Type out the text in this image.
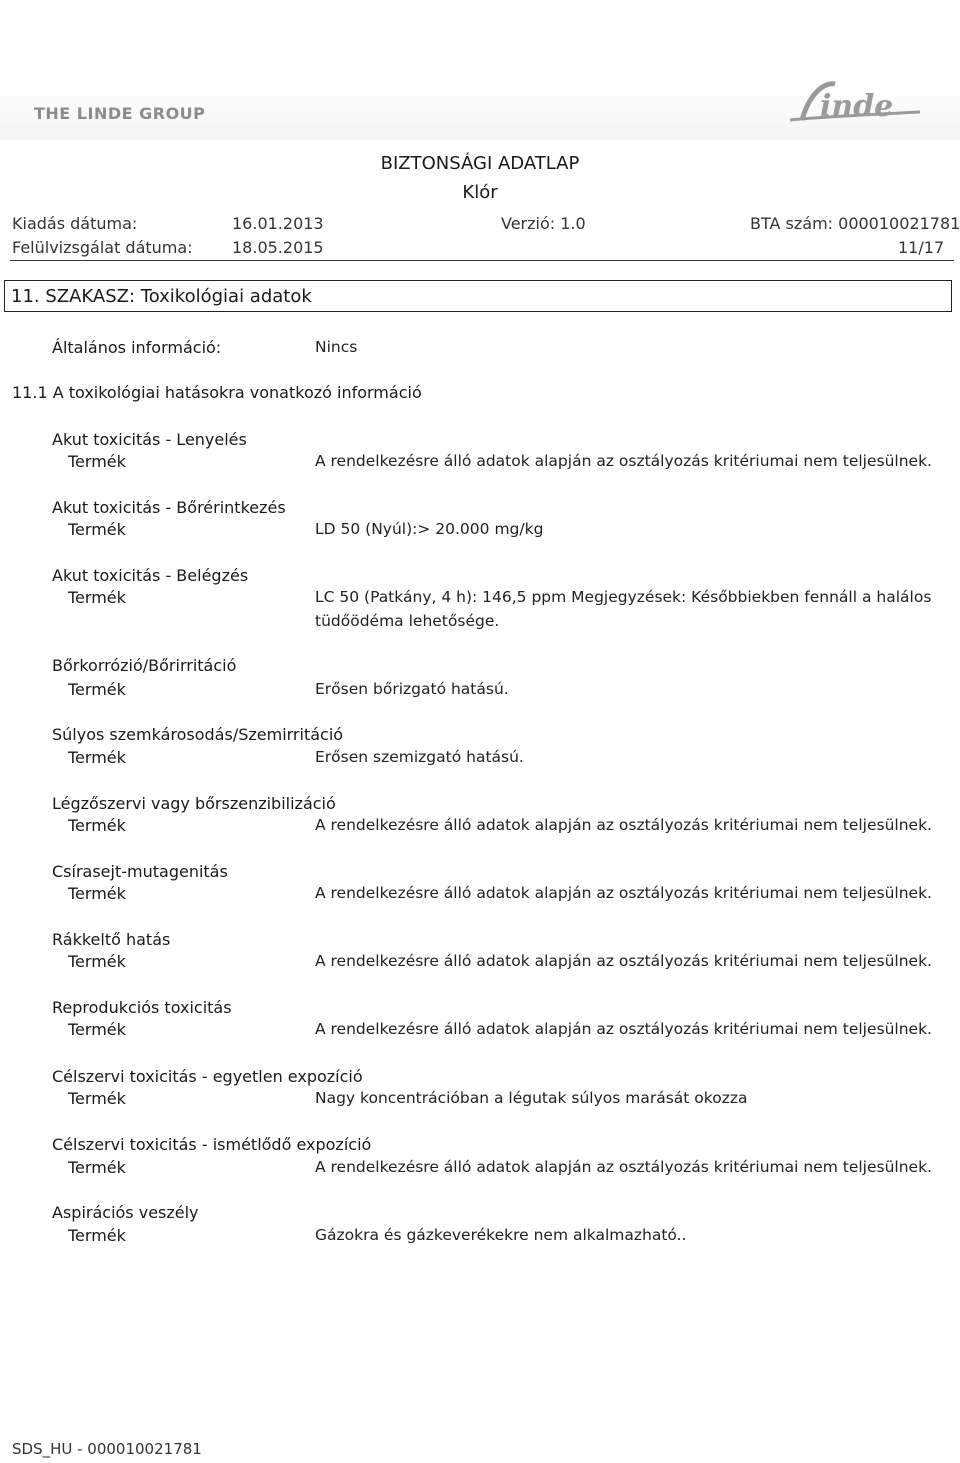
THE LINDE GROUP	inde
BIZTONSÁGI ADATLAP
Klór
Kiadás dátuma:	16.01.2013	Verzió: 1.0	BTA szám: 000010021781
Felülvizsgálat dátuma: 18.05.2015	11/17
11. SZAKASZ: Toxikológiai adatok
Általános információ:	Nincs
11.1 A toxikológiai hatásokra vonatkozó információ
Akut toxicitás - Lenyelés
Termék	A rendelkezésre álló adatok alapján az osztályozás kritériumai nem teljesülnek.
Akut toxicitás - Bőrérintkezés
Termék	LD 50 (Nyúl):> 20.000 mg/kg
Akut toxicitás - Belégzés
Termék	LC 50 (Patkány, 4 h): 146,5 ppm Megjegyzések: Későbbiekben fennáll a halálos
tüdőödéma lehetősége.
Bőrkorrózió/Bőrirritáció
Termék	Erősen bőrizgató hatású.
Súlyos szemkárosodás/Szemirritáció
Termék	Erősen szemizgató hatású.
Légzőszervi vagy bőrszenzibilizáció
Termék	A rendelkezésre álló adatok alapján az osztályozás kritériumai nem teljesülnek.
Csírasejt-mutagenitás
Termék	A rendelkezésre álló adatok alapján az osztályozás kritériumai nem teljesülnek.
Rákkeltő hatás
Termék	A rendelkezésre álló adatok alapján az osztályozás kritériumai nem teljesülnek.
Reprodukciós toxicitás
Termék	A rendelkezésre álló adatok alapján az osztályozás kritériumai nem teljesülnek.
Célszervi toxicitás - egyetlen expozíció
Termék	Nagy koncentrációban a légutak súlyos marását okozza
Célszervi toxicitás - ismétlődő expozíció
Termék	A rendelkezésre álló adatok alapján az osztályozás kritériumai nem teljesülnek.
Aspirációs veszély
Termék	Gázokra és gázkeverékekre nem alkalmazható..
SDS_HU - 000010021781
